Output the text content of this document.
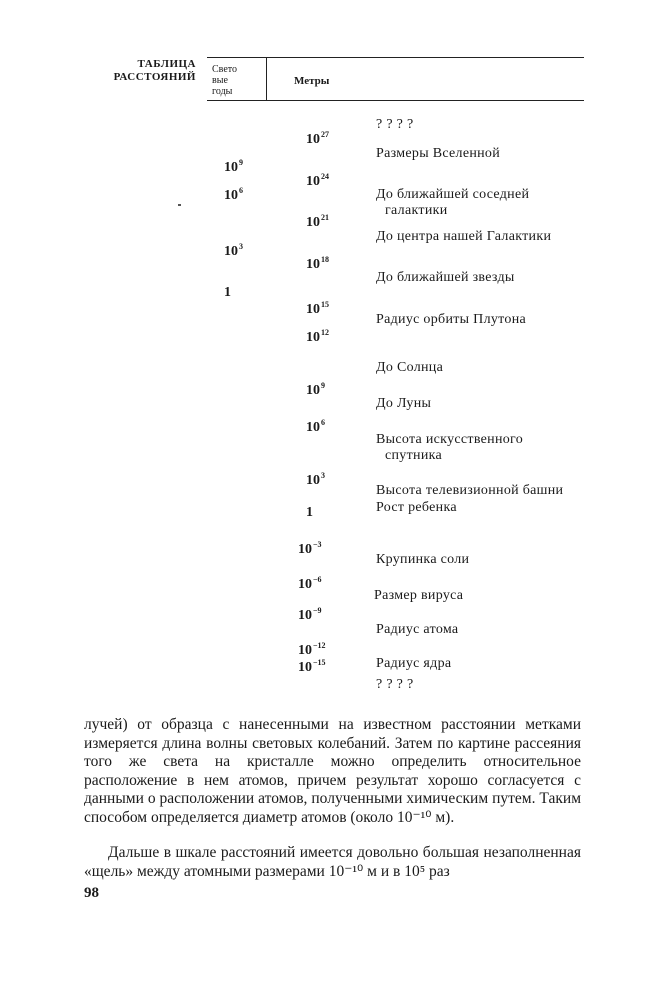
ТАБЛИЦА
РАССТОЯНИЙ
Свето
вые
годы
Метры
$10^9$
$10^6$
$10^3$
1
$10^{27}$
$10^{24}$
$10^{21}$
$10^{18}$
$10^{15}$
$10^{12}$
$10^9$
$10^6$
$10^3$
1
$10^{-3}$
$10^{-6}$
$10^{-9}$
$10^{-12}$
$10^{-15}$
? ? ? ?
Размеры Вселенной
До ближайшей соседней
галактики
До центра нашей Галактики
До ближайшей звезды
Радиус орбиты Плутона
До Солнца
До Луны
Высота искусственного
спутника
Высота телевизионной башни
Рост ребенка
Крупинка соли
Размер вируса
Радиус атома
Радиус ядра
? ? ? ?
лучей) от образца с нанесенными на известном расстоянии метками измеряется длина волны световых колебаний. Затем по картине рассеяния того же света на кристалле можно определить относительное расположение в нем атомов, причем результат хорошо согласуется с данными о расположении атомов, полученными химическим путем. Таким способом определяется диаметр атомов (около 10⁻¹⁰ м).
Дальше в шкале расстояний имеется довольно большая незаполненная «щель» между атомными размерами 10⁻¹⁰ м и в 10⁵ раз
98
